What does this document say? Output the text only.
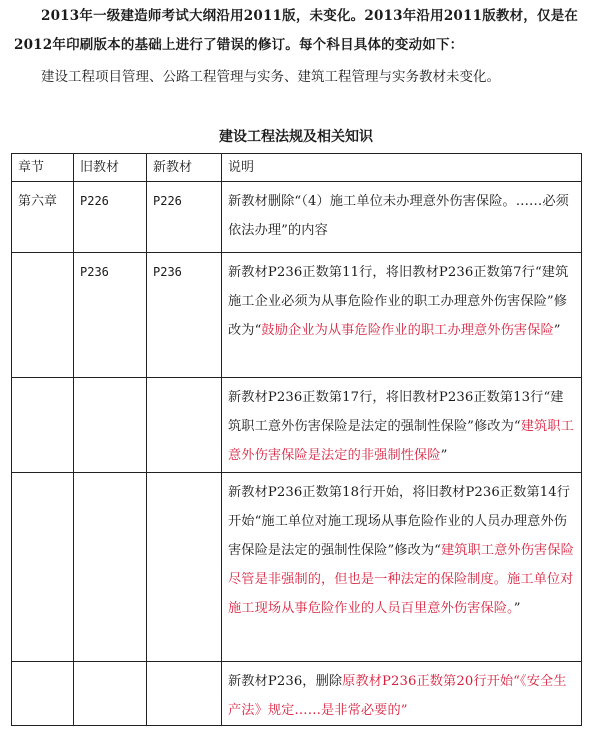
2013年一级建造师考试大纲沿用2011版，未变化。2013年沿用2011版教材，仅是在2012年印刷版本的基础上进行了错误的修订。每个科目具体的变动如下：

建设工程项目管理、公路工程管理与实务、建筑工程管理与实务教材未变化。

建设工程法规及相关知识
章节	旧教材	新教材	说明
第六章	P226	P226	新教材删除“（4）施工单位未办理意外伤害保险。……必须依法办理”的内容
	P236	P236	新教材P236正数第11行，将旧教材P236正数第7行“建筑施工企业必须为从事危险作业的职工办理意外伤害保险”修改为“鼓励企业为从事危险作业的职工办理意外伤害保险”
			新教材P236正数第17行，将旧教材P236正数第13行“建筑职工意外伤害保险是法定的强制性保险”修改为“建筑职工意外伤害保险是法定的非强制性保险”
			新教材P236正数第18行开始，将旧教材P236正数第14行开始“施工单位对施工现场从事危险作业的人员办理意外伤害保险是法定的强制性保险”修改为“建筑职工意外伤害保险尽管是非强制的，但也是一种法定的保险制度。施工单位对施工现场从事危险作业的人员百里意外伤害保险。”
			新教材P236，删除原教材P236正数第20行开始“《安全生产法》规定……是非常必要的”
